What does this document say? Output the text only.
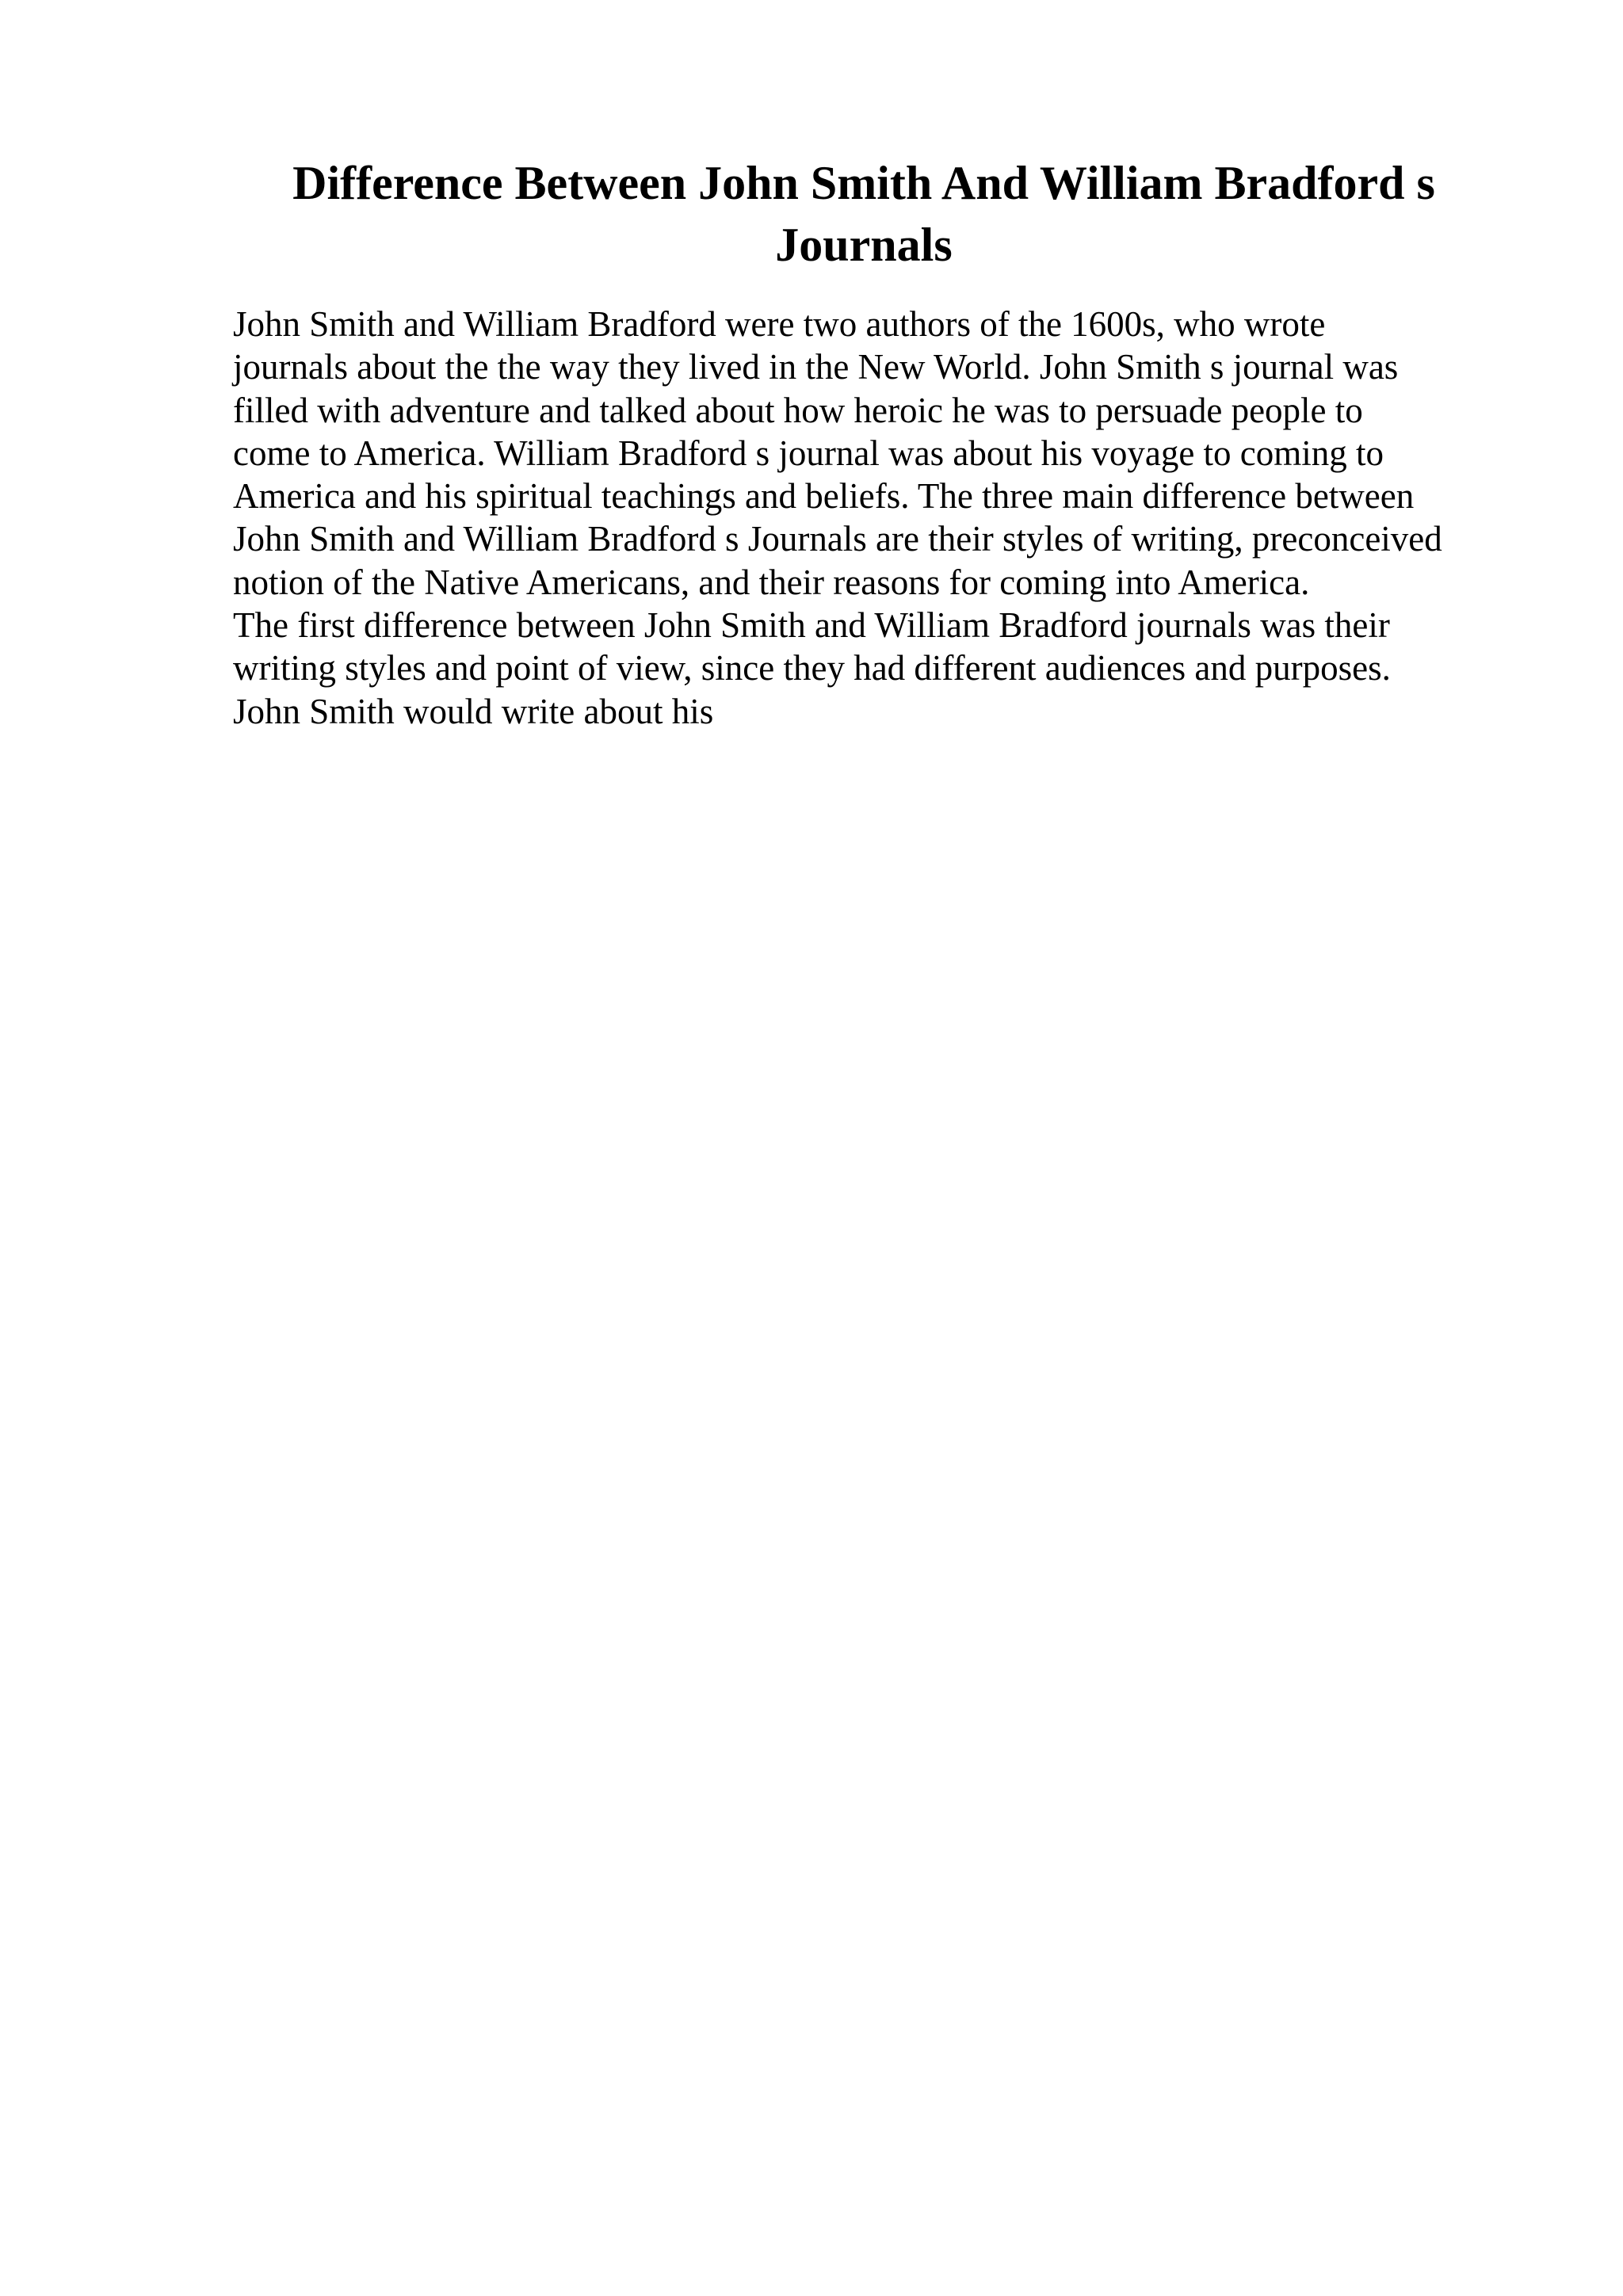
Difference Between John Smith And William Bradford s
Journals
John Smith and William Bradford were two authors of the 1600s, who wrote
journals about the the way they lived in the New World. John Smith s journal was
filled with adventure and talked about how heroic he was to persuade people to
come to America. William Bradford s journal was about his voyage to coming to
America and his spiritual teachings and beliefs. The three main difference between
John Smith and William Bradford s Journals are their styles of writing, preconceived
notion of the Native Americans, and their reasons for coming into America.
The first difference between John Smith and William Bradford journals was their
writing styles and point of view, since they had different audiences and purposes.
John Smith would write about his
